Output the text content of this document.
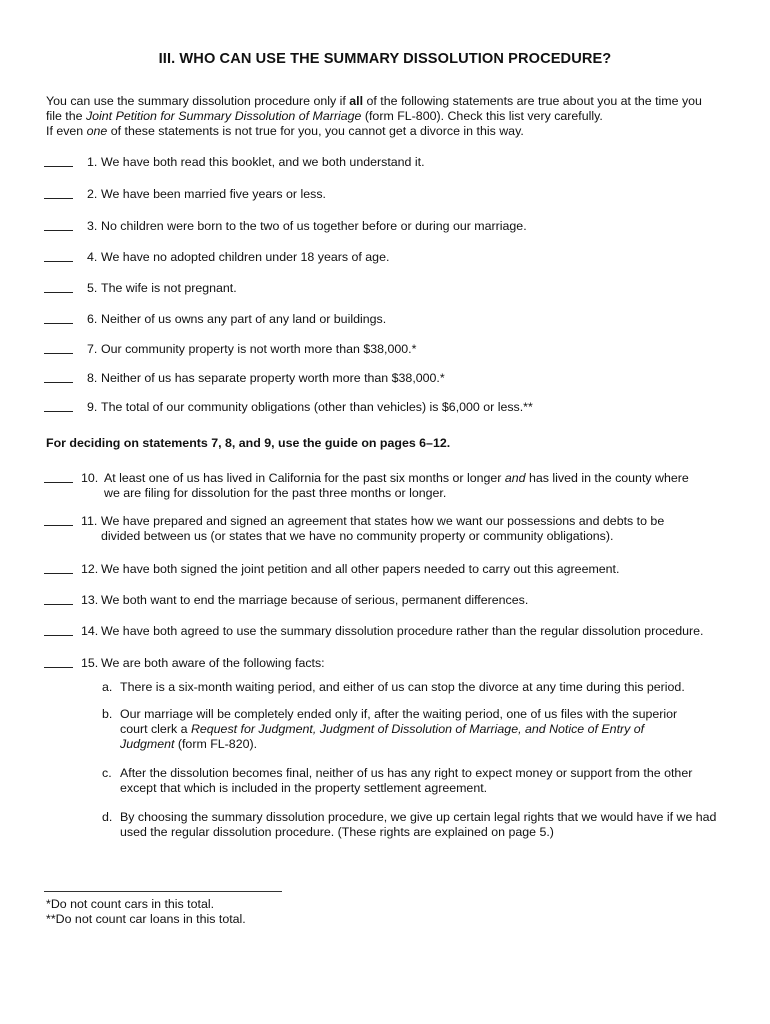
III. WHO CAN USE THE SUMMARY DISSOLUTION PROCEDURE?
You can use the summary dissolution procedure only if all of the following statements are true about you at the time you
file the Joint Petition for Summary Dissolution of Marriage (form FL-800). Check this list very carefully.
If even one of these statements is not true for you, you cannot get a divorce in this way.
1. We have both read this booklet, and we both understand it.
2. We have been married five years or less.
3. No children were born to the two of us together before or during our marriage.
4. We have no adopted children under 18 years of age.
5. The wife is not pregnant.
6. Neither of us owns any part of any land or buildings.
7. Our community property is not worth more than $38,000.*
8. Neither of us has separate property worth more than $38,000.*
9. The total of our community obligations (other than vehicles) is $6,000 or less.**
For deciding on statements 7, 8, and 9, use the guide on pages 6–12.
10. At least one of us has lived in California for the past six months or longer and has lived in the county where
we are filing for dissolution for the past three months or longer.
11. We have prepared and signed an agreement that states how we want our possessions and debts to be
divided between us (or states that we have no community property or community obligations).
12. We have both signed the joint petition and all other papers needed to carry out this agreement.
13. We both want to end the marriage because of serious, permanent differences.
14. We have both agreed to use the summary dissolution procedure rather than the regular dissolution procedure.
15. We are both aware of the following facts:
a. There is a six-month waiting period, and either of us can stop the divorce at any time during this period.
b. Our marriage will be completely ended only if, after the waiting period, one of us files with the superior
court clerk a Request for Judgment, Judgment of Dissolution of Marriage, and Notice of Entry of
Judgment (form FL-820).
c. After the dissolution becomes final, neither of us has any right to expect money or support from the other
except that which is included in the property settlement agreement.
d. By choosing the summary dissolution procedure, we give up certain legal rights that we would have if we had
used the regular dissolution procedure. (These rights are explained on page 5.)
*Do not count cars in this total.
**Do not count car loans in this total.
